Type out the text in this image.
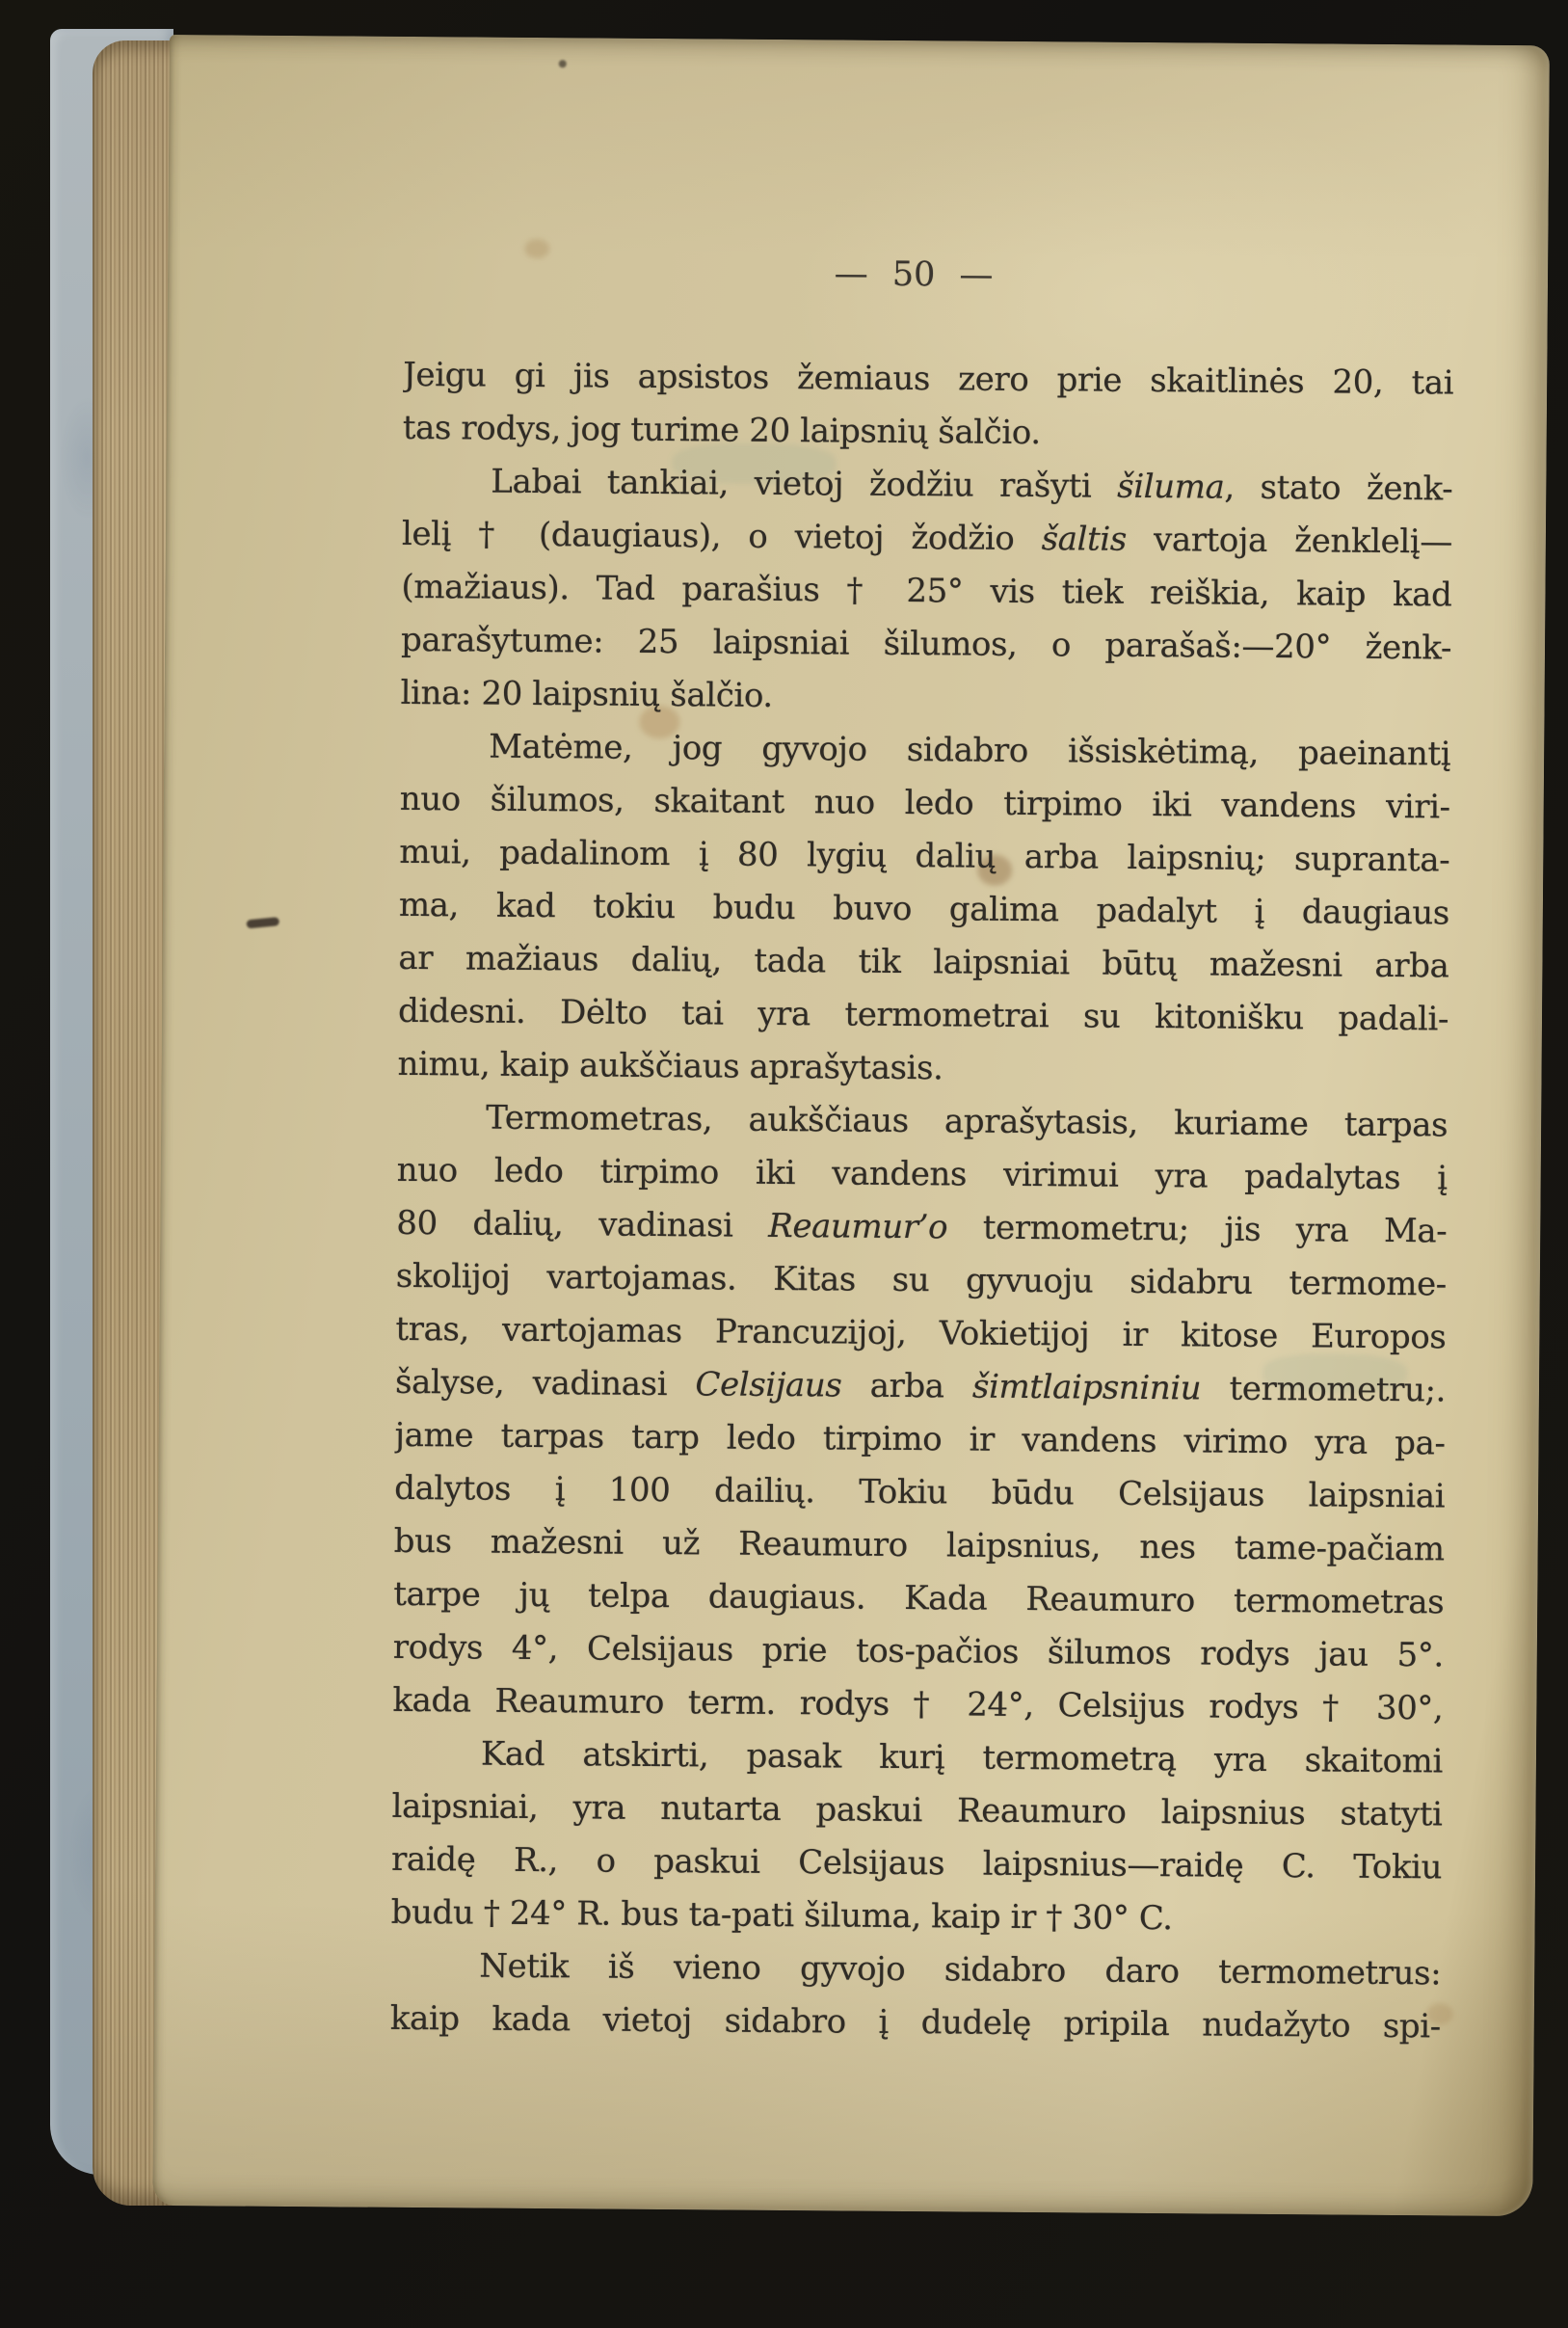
— 50 —
Jeigu gi jis apsistos žemiaus zero prie skaitlinės 20, tai
tas rodys, jog turime 20 laipsnių šalčio.
Labai tankiai, vietoj žodžiu rašyti šiluma, stato ženk-
lelį † (daugiaus), o vietoj žodžio šaltis vartoja ženklelį—
(mažiaus). Tad parašius † 25° vis tiek reiškia, kaip kad
parašytume: 25 laipsniai šilumos, o parašaš:—20° ženk-
lina: 20 laipsnių šalčio.
Matėme, jog gyvojo sidabro išsiskėtimą, paeinantį
nuo šilumos, skaitant nuo ledo tirpimo iki vandens viri-
mui, padalinom į 80 lygių dalių arba laipsnių; supranta-
ma, kad tokiu budu buvo galima padalyt į daugiaus
ar mažiaus dalių, tada tik laipsniai būtų mažesni arba
didesni. Dėlto tai yra termometrai su kitonišku padali-
nimu, kaip aukščiaus aprašytasis.
Termometras, aukščiaus aprašytasis, kuriame tarpas
nuo ledo tirpimo iki vandens virimui yra padalytas į
80 dalių, vadinasi Reaumur’o termometru; jis yra Ma-
skolijoj vartojamas. Kitas su gyvuoju sidabru termome-
tras, vartojamas Prancuzijoj, Vokietijoj ir kitose Europos
šalyse, vadinasi Celsijaus arba šimtlaipsniniu termometru;.
jame tarpas tarp ledo tirpimo ir vandens virimo yra pa-
dalytos į 100 dailių. Tokiu būdu Celsijaus laipsniai
bus mažesni už Reaumuro laipsnius, nes tame-pačiam
tarpe jų telpa daugiaus. Kada Reaumuro termometras
rodys 4°, Celsijaus prie tos-pačios šilumos rodys jau 5°.
kada Reaumuro term. rodys † 24°, Celsijus rodys † 30°,
Kad atskirti, pasak kurį termometrą yra skaitomi
laipsniai, yra nutarta paskui Reaumuro laipsnius statyti
raidę R., o paskui Celsijaus laipsnius—raidę C. Tokiu
budu † 24° R. bus ta-pati šiluma, kaip ir † 30° C.
Netik iš vieno gyvojo sidabro daro termometrus:
kaip kada vietoj sidabro į dudelę pripila nudažyto spi-
